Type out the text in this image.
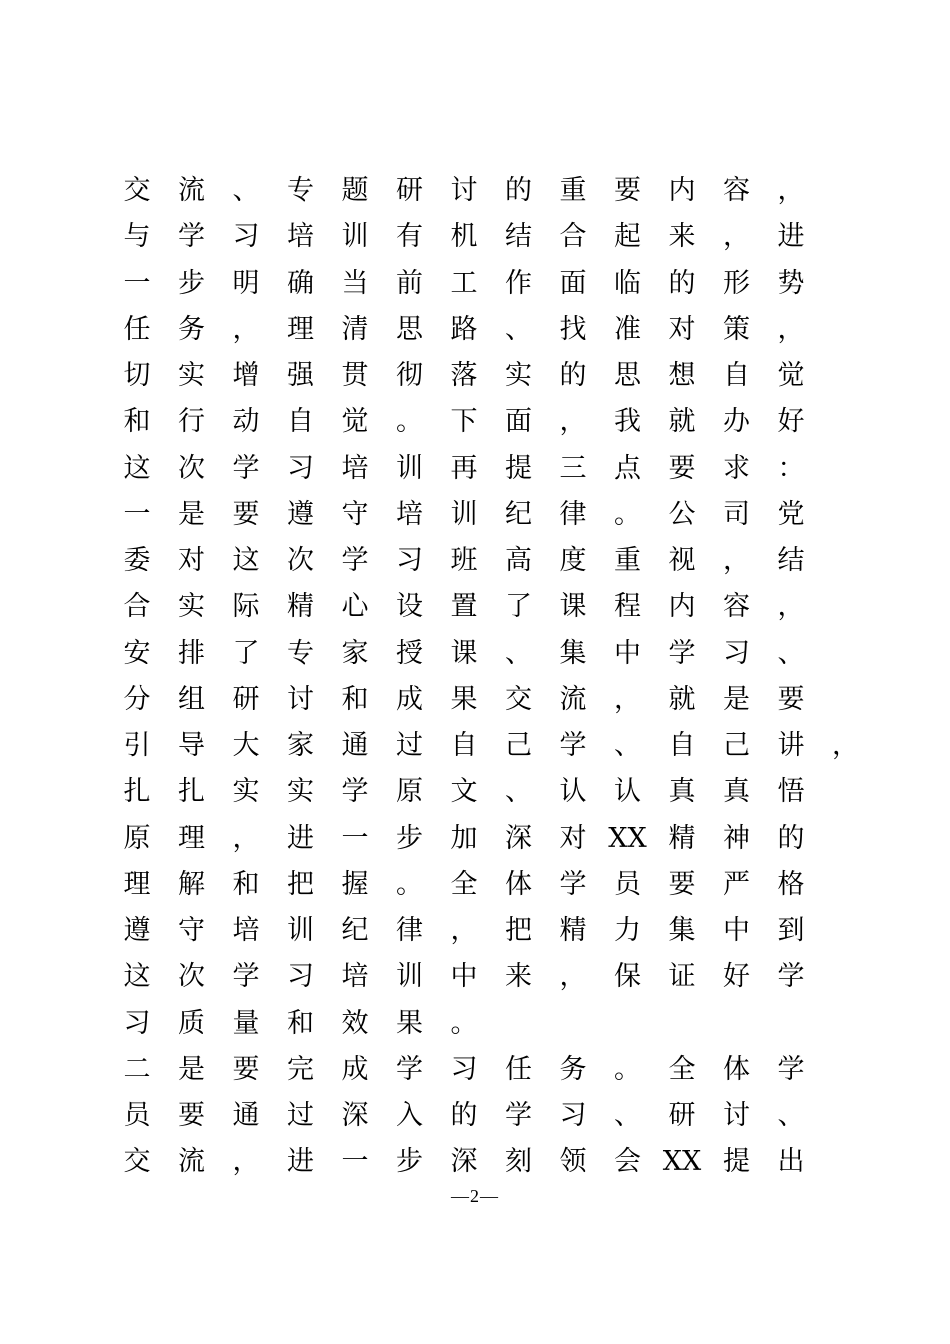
交	流	、	专	题	研	讨	的	重	要	内	容	，
与	学	习	培	训	有	机	结	合	起	来	，	进
一	步	明	确	当	前	工	作	面	临	的	形	势
任	务	，	理	清	思	路	、	找	准	对	策	，
切	实	增	强	贯	彻	落	实	的	思	想	自	觉
和	行	动	自	觉	。	下	面	，	我	就	办	好
这	次	学	习	培	训	再	提	三	点	要	求	：
一	是	要	遵	守	培	训	纪	律	。	公	司	党
委	对	这	次	学	习	班	高	度	重	视	，	结
合	实	际	精	心	设	置	了	课	程	内	容	，
安	排	了	专	家	授	课	、	集	中	学	习	、
分	组	研	讨	和	成	果	交	流	，	就	是	要
引	导	大	家	通	过	自	己	学	、	自	己	讲	，
扎	扎	实	实	学	原	文	、	认	认	真	真	悟
原	理	，	进	一	步	加	深	对 XX 精	神	的
理	解	和	把	握	。	全	体	学	员	要	严	格
遵	守	培	训	纪	律	，	把	精	力	集	中	到
这	次	学	习	培	训	中	来	，	保	证	好	学
习	质	量	和	效	果	。
二	是	要	完	成	学	习	任	务	。	全	体	学
员	要	通	过	深	入	的	学	习	、	研	讨	、
交	流	，	进	一	步	深	刻	领	会 XX 提	出
—2—
